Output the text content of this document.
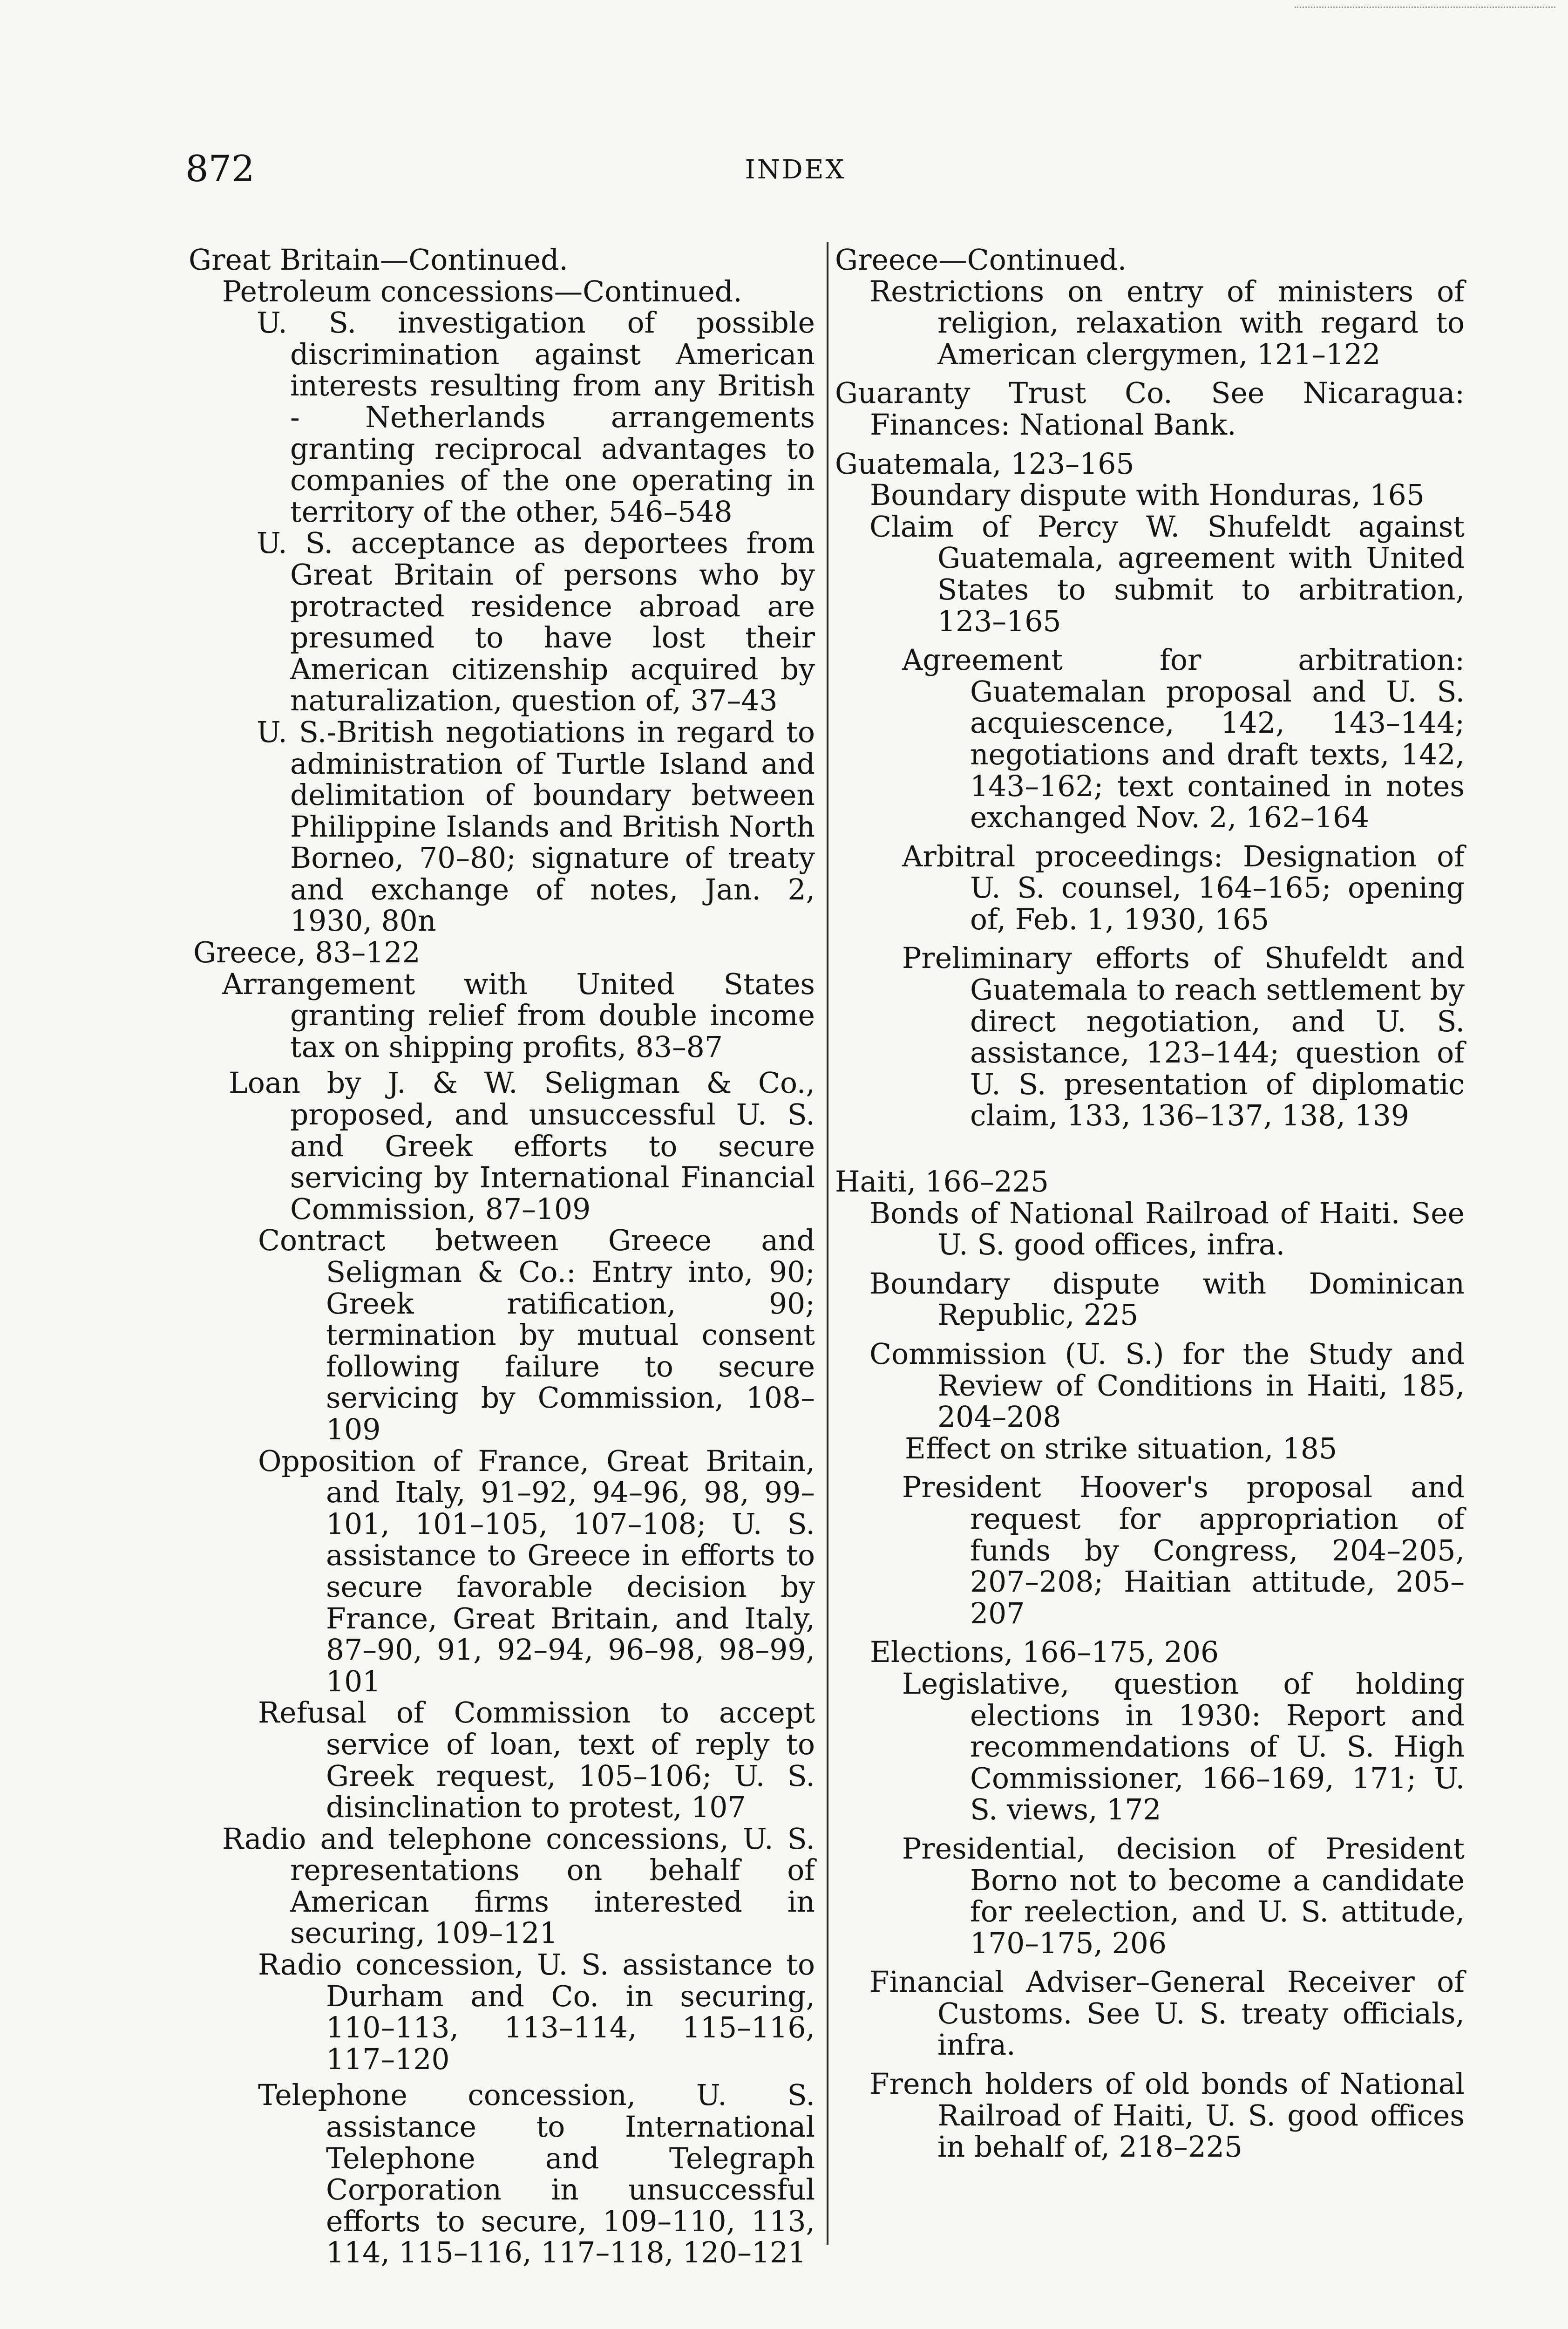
872	INDEX
Great Britain—Continued.
Petroleum concessions—Continued.
U. S. investigation of possible discrimination against American interests resulting from any British - Netherlands arrangements granting reciprocal advantages to companies of the one operating in territory of the other, 546–548
U. S. acceptance as deportees from Great Britain of persons who by protracted residence abroad are presumed to have lost their American citizenship acquired by naturalization, question of, 37–43
U. S.-British negotiations in regard to administration of Turtle Island and delimitation of boundary between Philippine Islands and British North Borneo, 70–80; signature of treaty and exchange of notes, Jan. 2, 1930, 80n
Greece, 83–122
Arrangement with United States granting relief from double income tax on shipping profits, 83–87
Loan by J. & W. Seligman & Co., proposed, and unsuccessful U. S. and Greek efforts to secure servicing by International Financial Commission, 87–109
Contract between Greece and Seligman & Co.: Entry into, 90; Greek ratification, 90; termination by mutual consent following failure to secure servicing by Commission, 108–109
Opposition of France, Great Britain, and Italy, 91–92, 94–96, 98, 99–101, 101–105, 107–108; U. S. assistance to Greece in efforts to secure favorable decision by France, Great Britain, and Italy, 87–90, 91, 92–94, 96–98, 98–99, 101
Refusal of Commission to accept service of loan, text of reply to Greek request, 105–106; U. S. disinclination to protest, 107
Radio and telephone concessions, U. S. representations on behalf of American firms interested in securing, 109–121
Radio concession, U. S. assistance to Durham and Co. in securing, 110–113, 113–114, 115–116, 117–120
Telephone concession, U. S. assistance to International Telephone and Telegraph Corporation in unsuccessful efforts to secure, 109–110, 113, 114, 115–116, 117–118, 120–121
Greece—Continued.
Restrictions on entry of ministers of religion, relaxation with regard to American clergymen, 121–122
Guaranty Trust Co. See Nicaragua: Finances: National Bank.
Guatemala, 123–165
Boundary dispute with Honduras, 165
Claim of Percy W. Shufeldt against Guatemala, agreement with United States to submit to arbitration, 123–165
Agreement for arbitration: Guatemalan proposal and U. S. acquiescence, 142, 143–144; negotiations and draft texts, 142, 143–162; text contained in notes exchanged Nov. 2, 162–164
Arbitral proceedings: Designation of U. S. counsel, 164–165; opening of, Feb. 1, 1930, 165
Preliminary efforts of Shufeldt and Guatemala to reach settlement by direct negotiation, and U. S. assistance, 123–144; question of U. S. presentation of diplomatic claim, 133, 136–137, 138, 139
Haiti, 166–225
Bonds of National Railroad of Haiti. See U. S. good offices, infra.
Boundary dispute with Dominican Republic, 225
Commission (U. S.) for the Study and Review of Conditions in Haiti, 185, 204–208
Effect on strike situation, 185
President Hoover's proposal and request for appropriation of funds by Congress, 204–205, 207–208; Haitian attitude, 205–207
Elections, 166–175, 206
Legislative, question of holding elections in 1930: Report and recommendations of U. S. High Commissioner, 166–169, 171; U. S. views, 172
Presidential, decision of President Borno not to become a candidate for reelection, and U. S. attitude, 170–175, 206
Financial Adviser–General Receiver of Customs. See U. S. treaty officials, infra.
French holders of old bonds of National Railroad of Haiti, U. S. good offices in behalf of, 218–225
